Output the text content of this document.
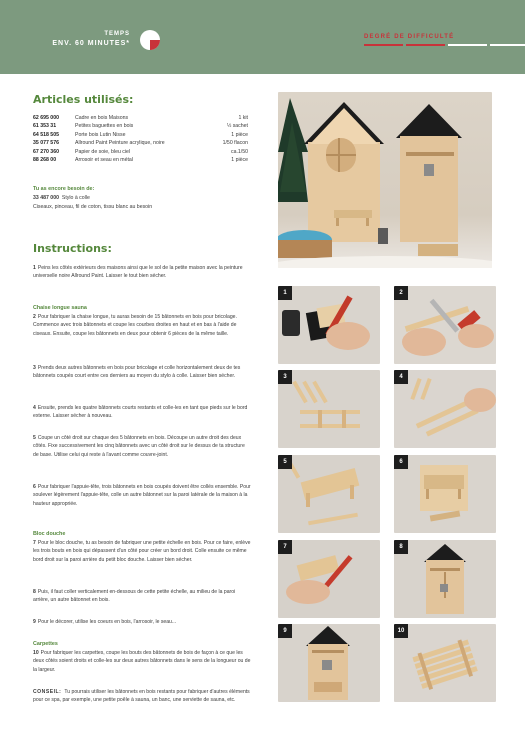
TEMPS
ENV. 60 MINUTES*
DEGRÉ DE DIFFICULTÉ
Articles utilisés:
62 695 000	Cadre en bois Maisons	1 kit
61 353 31	Petites baguettes en bois	½ sachet
64 518 505	Porte bois Lutin Nisse	1 pièce
35 077 576	Allround Paint Peinture acrylique, noire	1/50 flacon
67 270 360	Papier de soie, bleu ciel	ca.1/50
88 268 00	Arrosoir et seau en métal	1 pièce
Tu as encore besoin de:
33 487 000 Stylo à colle
Ciseaux, pinceau, fil de coton, tissu blanc au besoin
Instructions:
1 Peins les côtés extérieurs des maisons ainsi que le sol de la petite maison avec la peinture universelle noire Allround Paint. Laisser le tout bien sécher.
Chaise longue sauna
2 Pour fabriquer la chaise longue, tu auras besoin de 15 bâtonnets en bois pour bricolage. Commence avec trois bâtonnets et coupe les courbes droites en haut et en bas à l'aide de ciseaux. Ensuite, coupe les bâtonnets en deux pour obtenir 6 pièces de la même taille.
3 Prends deux autres bâtonnets en bois pour bricolage et colle horizontalement deux de tes bâtonnets coupés court entre ces derniers au moyen du stylo à colle. Laisser bien sécher.
4 Ensuite, prends les quatre bâtonnets courts restants et colle-les en tant que pieds sur le bord externe. Laisser sécher à nouveau.
5 Coupe un côté droit sur chaque des 5 bâtonnets en bois. Découpe un autre droit des deux côtés. Fixe successivement les cinq bâtonnets avec un côté droit sur le dessus de ta structure de base. Utilise celui qui reste à l'avant comme couvre-joint.
6 Pour fabriquer l'appuie-tête, trois bâtonnets en bois coupés doivent être collés ensemble. Pour soulever légèrement l'appuie-tête, colle un autre bâtonnet sur la paroi latérale de la maison à la hauteur appropriée.
Bloc douche
7 Pour le bloc douche, tu as besoin de fabriquer une petite échelle en bois. Pour ce faire, enlève les trois bouts en bois qui dépassent d'un côté pour créer un bord droit. Colle ensuite ce même bord droit sur la paroi arrière du petit bloc douche. Laisser bien sécher.
8 Puis, il faut coller verticalement en-dessous de cette petite échelle, au milieu de la paroi arrière, un autre bâtonnet en bois.
9 Pour le décorer, utilise les coeurs en bois, l'arrosoir, le seau...
Carpettes
10 Pour fabriquer les carpettes, coupe les bouts des bâtonnets de bois de façon à ce que les deux côtés soient droits et colle-les sur deux autres bâtonnets dans le sens de la longueur ou de la largeur.
CONSEIL: Tu pourrais utiliser les bâtonnets en bois restants pour fabriquer d'autres éléments pour ce spa, par exemple, une petite poêle à sauna, un banc, une serviette de sauna, etc.
1	2
3	4
5	6
7	8
9	10
